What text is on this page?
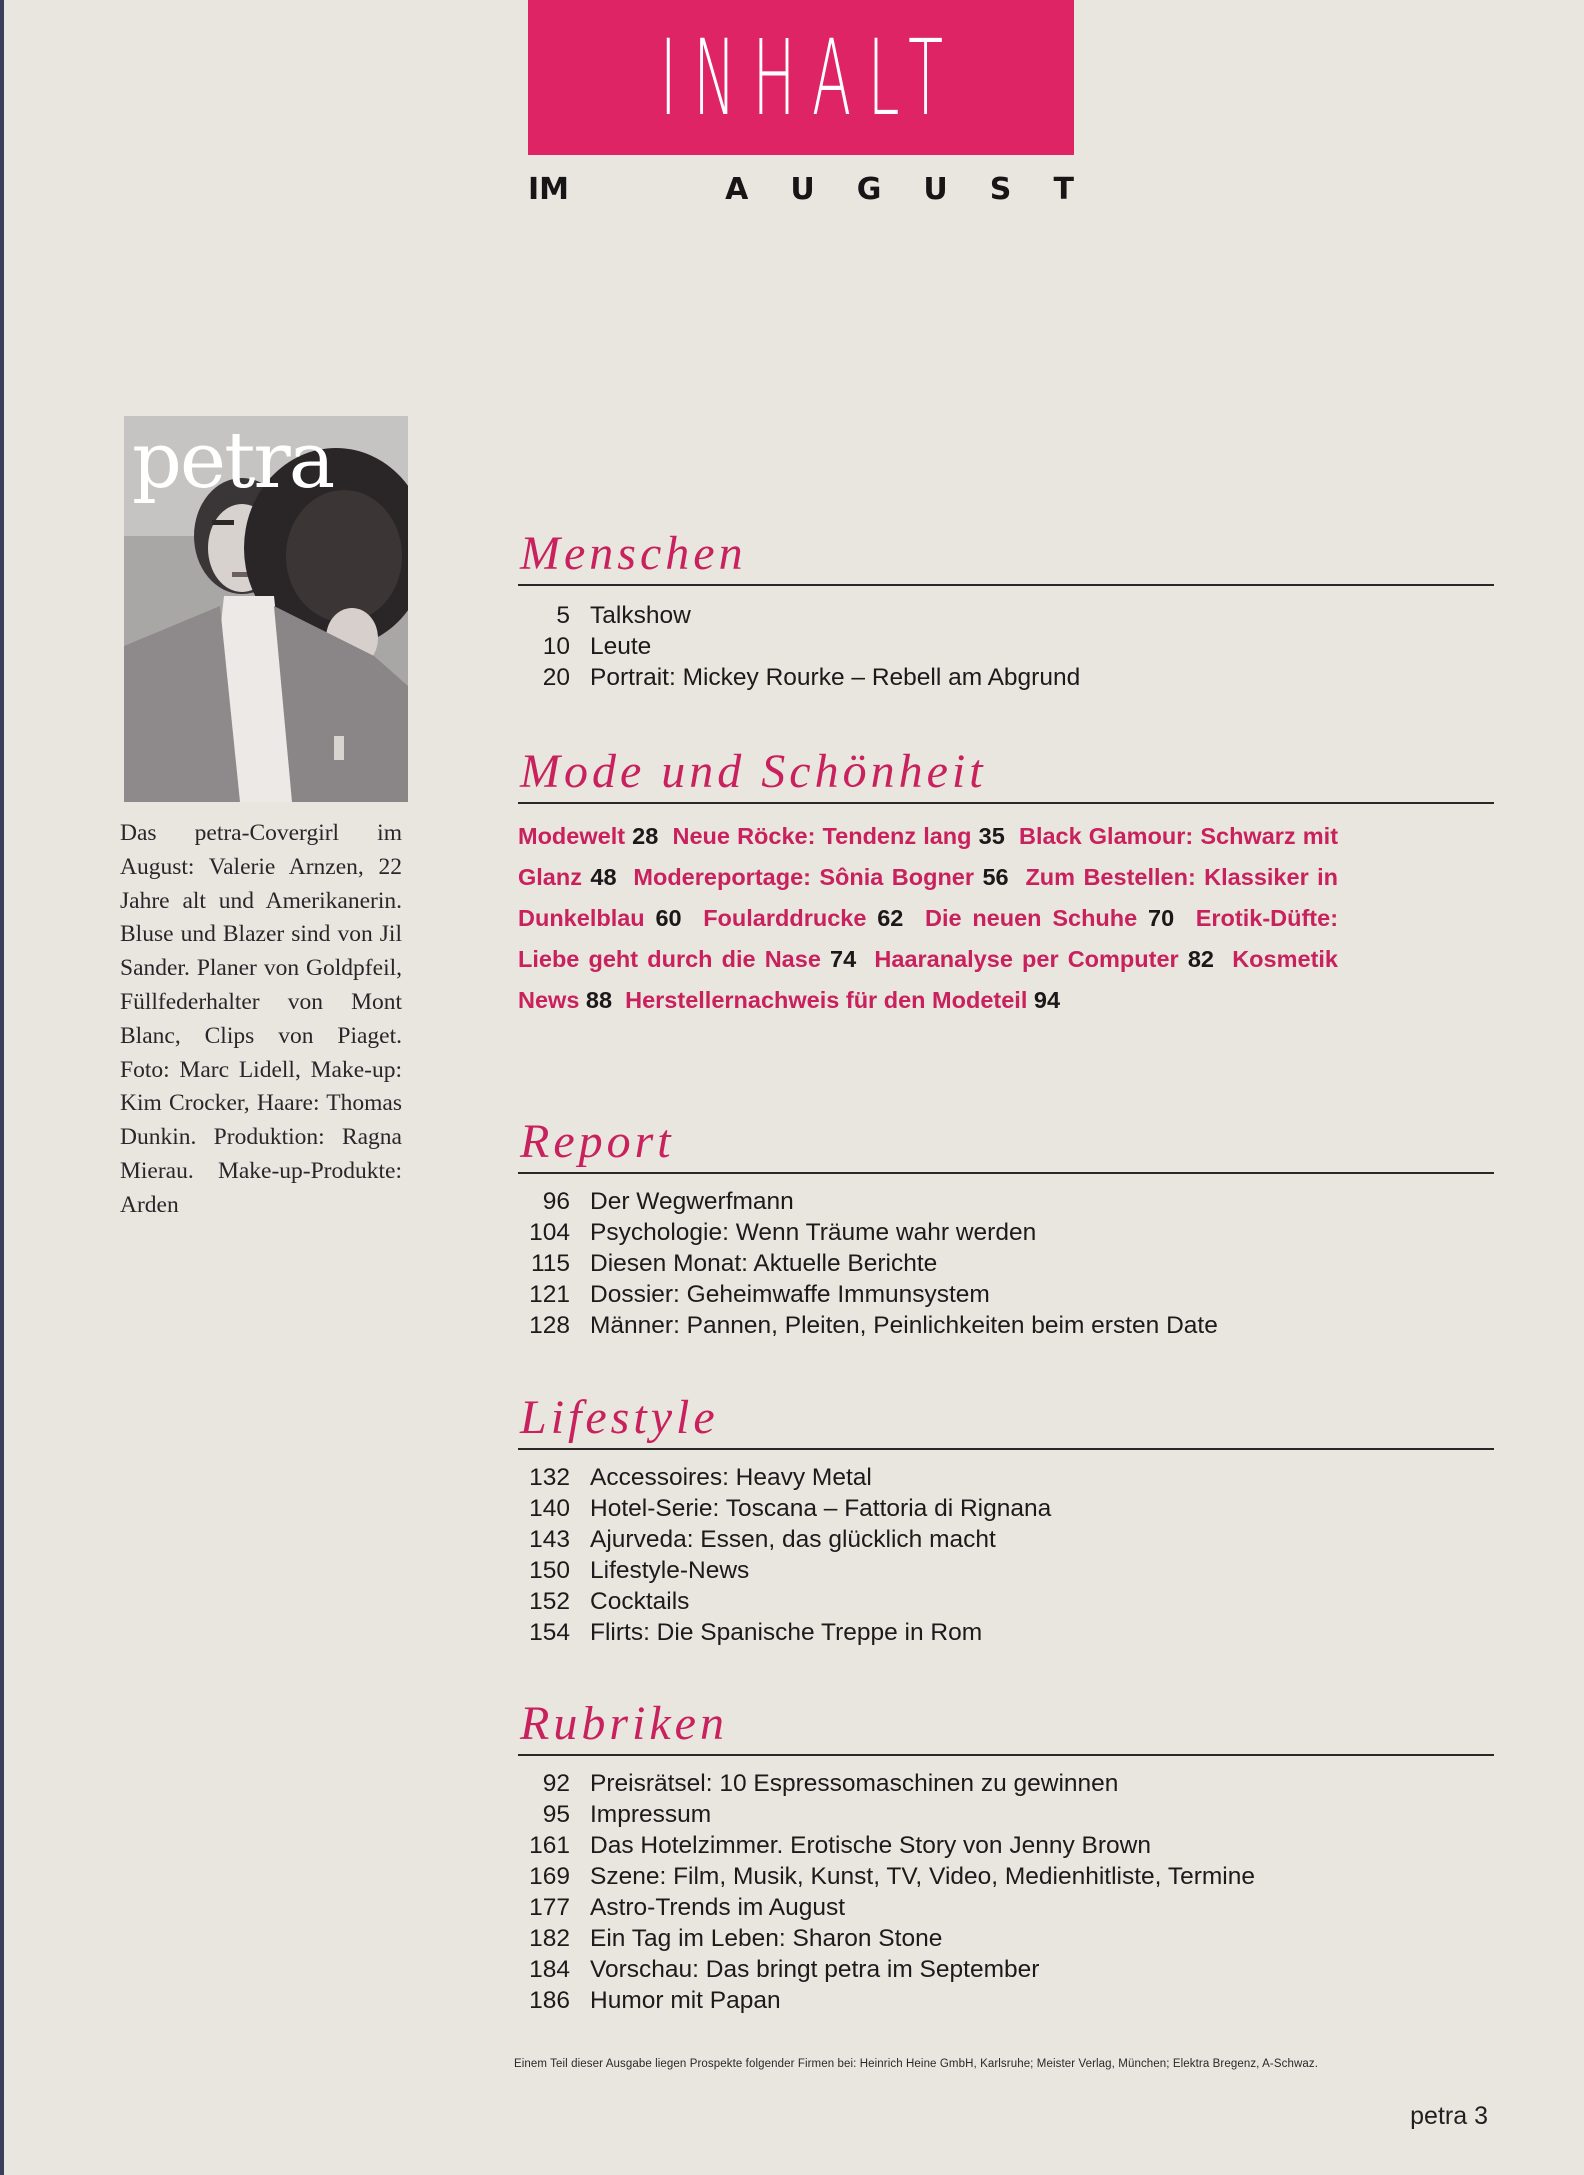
INHALT
IM	A U G U S T
petra
Das petra-Covergirl im August: Valerie Arnzen, 22 Jahre alt und Amerikanerin. Bluse und Blazer sind von Jil Sander. Planer von Goldpfeil, Füllfederhalter von Mont Blanc, Clips von Piaget. Foto: Marc Lidell, Make-up: Kim Crocker, Haare: Thomas Dunkin. Produktion: Ragna Mierau. Make-up-Produkte: Arden
Menschen
5 Talkshow
10 Leute
20 Portrait: Mickey Rourke – Rebell am Abgrund
Mode und Schönheit
Modewelt 28 Neue Röcke: Tendenz lang 35 Black Glamour: Schwarz mit Glanz 48 Modereportage: Sônia Bogner 56 Zum Bestellen: Klassiker in Dunkelblau 60 Foularddrucke 62 Die neuen Schuhe 70 Erotik-Düfte: Liebe geht durch die Nase 74 Haaranalyse per Computer 82 Kosmetik News 88 Herstellernachweis für den Modeteil 94
Report
96 Der Wegwerfmann
104 Psychologie: Wenn Träume wahr werden
115 Diesen Monat: Aktuelle Berichte
121 Dossier: Geheimwaffe Immunsystem
128 Männer: Pannen, Pleiten, Peinlichkeiten beim ersten Date
Lifestyle
132 Accessoires: Heavy Metal
140 Hotel-Serie: Toscana – Fattoria di Rignana
143 Ajurveda: Essen, das glücklich macht
150 Lifestyle-News
152 Cocktails
154 Flirts: Die Spanische Treppe in Rom
Rubriken
92 Preisrätsel: 10 Espressomaschinen zu gewinnen
95 Impressum
161 Das Hotelzimmer. Erotische Story von Jenny Brown
169 Szene: Film, Musik, Kunst, TV, Video, Medienhitliste, Termine
177 Astro-Trends im August
182 Ein Tag im Leben: Sharon Stone
184 Vorschau: Das bringt petra im September
186 Humor mit Papan
Einem Teil dieser Ausgabe liegen Prospekte folgender Firmen bei: Heinrich Heine GmbH, Karlsruhe; Meister Verlag, München; Elektra Bregenz, A-Schwaz.
petra 3
